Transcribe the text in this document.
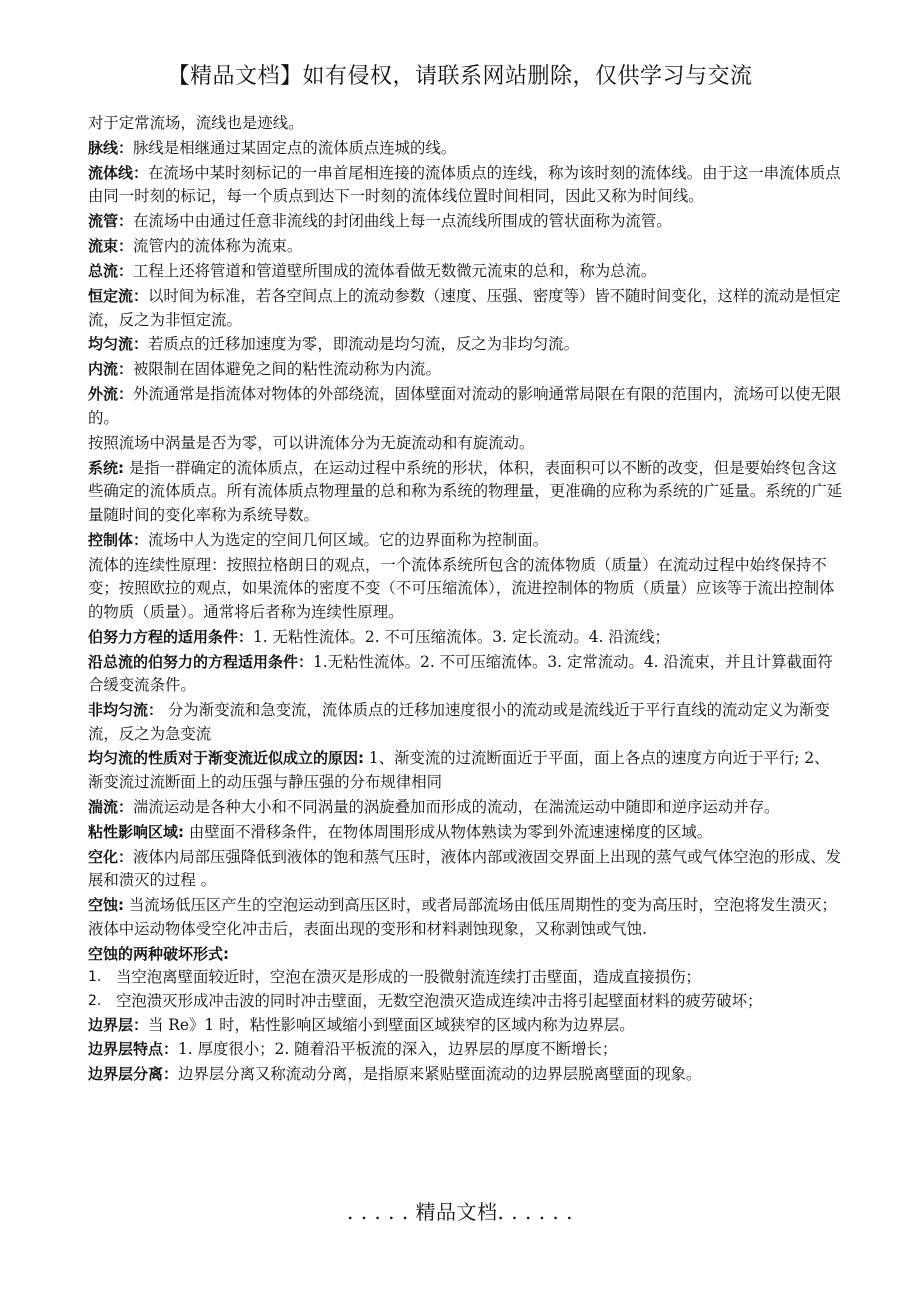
【精品文档】如有侵权，请联系网站删除，仅供学习与交流

对于定常流场，流线也是迹线。

脉线：脉线是相继通过某固定点的流体质点连城的线。

流体线：在流场中某时刻标记的一串首尾相连接的流体质点的连线，称为该时刻的流体线。由于这一串流体质点由同一时刻的标记，每一个质点到达下一时刻的流体线位置时间相同，因此又称为时间线。

流管：在流场中由通过任意非流线的封闭曲线上每一点流线所围成的管状面称为流管。

流束：流管内的流体称为流束。

总流：工程上还将管道和管道壁所围成的流体看做无数微元流束的总和，称为总流。

恒定流：以时间为标准，若各空间点上的流动参数（速度、压强、密度等）皆不随时间变化，这样的流动是恒定流，反之为非恒定流。

均匀流：若质点的迁移加速度为零，即流动是均匀流，反之为非均匀流。

内流：被限制在固体避免之间的粘性流动称为内流。

外流：外流通常是指流体对物体的外部绕流，固体壁面对流动的影响通常局限在有限的范围内，流场可以使无限的。

按照流场中涡量是否为零，可以讲流体分为无旋流动和有旋流动。

系统: 是指一群确定的流体质点，在运动过程中系统的形状，体积，表面积可以不断的改变，但是要始终包含这些确定的流体质点。所有流体质点物理量的总和称为系统的物理量，更准确的应称为系统的广延量。系统的广延量随时间的变化率称为系统导数。

控制体：流场中人为选定的空间几何区域。它的边界面称为控制面。

流体的连续性原理：按照拉格朗日的观点，一个流体系统所包含的流体物质（质量）在流动过程中始终保持不变；按照欧拉的观点，如果流体的密度不变（不可压缩流体），流进控制体的物质（质量）应该等于流出控制体的物质（质量）。通常将后者称为连续性原理。

伯努力方程的适用条件：1. 无粘性流体。2. 不可压缩流体。3. 定长流动。4. 沿流线；

沿总流的伯努力的方程适用条件：1.无粘性流体。2. 不可压缩流体。3. 定常流动。4. 沿流束，并且计算截面符合缓变流条件。

非均匀流： 分为渐变流和急变流，流体质点的迁移加速度很小的流动或是流线近于平行直线的流动定义为渐变流，反之为急变流

均匀流的性质对于渐变流近似成立的原因: 1、渐变流的过流断面近于平面，面上各点的速度方向近于平行; 2、渐变流过流断面上的动压强与静压强的分布规律相同

湍流：湍流运动是各种大小和不同涡量的涡旋叠加而形成的流动，在湍流运动中随即和逆序运动并存。

粘性影响区域: 由壁面不滑移条件，在物体周围形成从物体熟读为零到外流速速梯度的区域。

空化：液体内局部压强降低到液体的饱和蒸气压时，液体内部或液固交界面上出现的蒸气或气体空泡的形成、发展和溃灭的过程 。

空蚀: 当流场低压区产生的空泡运动到高压区时，或者局部流场由低压周期性的变为高压时，空泡将发生溃灭；液体中运动物体受空化冲击后，表面出现的变形和材料剥蚀现象，又称剥蚀或气蚀.

空蚀的两种破坏形式:

1. 当空泡离壁面较近时，空泡在溃灭是形成的一股微射流连续打击壁面，造成直接损伤；
2. 空泡溃灭形成冲击波的同时冲击壁面，无数空泡溃灭造成连续冲击将引起壁面材料的疲劳破坏；

边界层：当 Re》1 时，粘性影响区域缩小到壁面区域狭窄的区域内称为边界层。

边界层特点：1. 厚度很小；2. 随着沿平板流的深入，边界层的厚度不断增长；

边界层分离：边界层分离又称流动分离，是指原来紧贴壁面流动的边界层脱离壁面的现象。

. . . . . 精品文档. . . . . .
